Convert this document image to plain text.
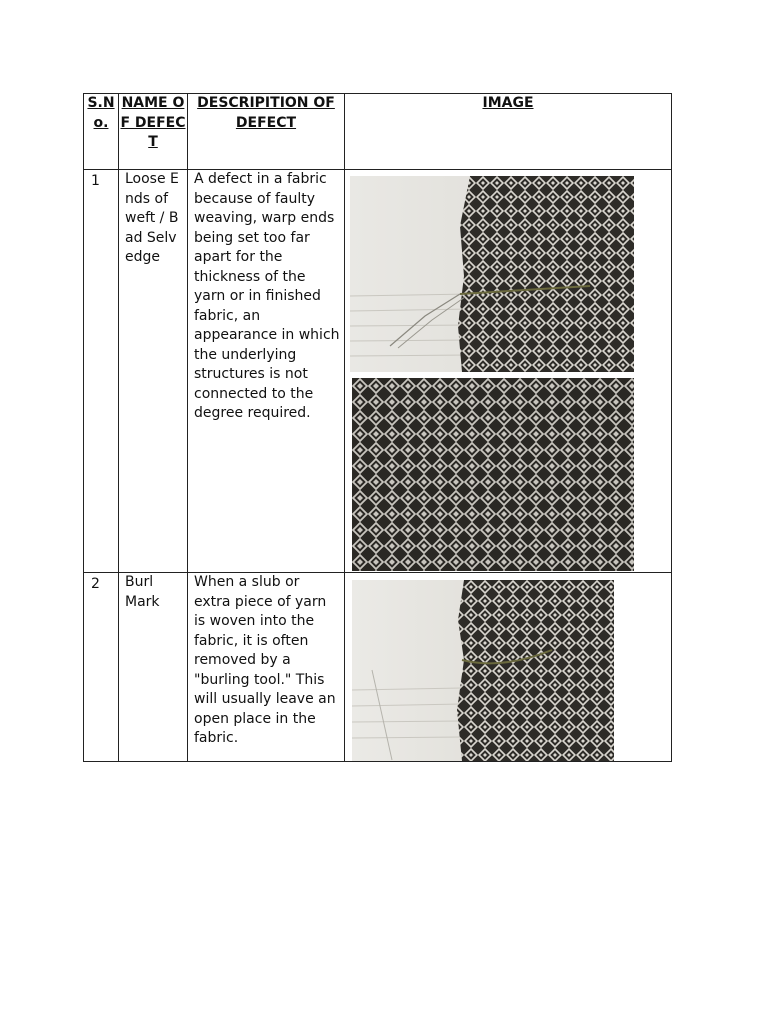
S.No.	NAME OF DEFECT	DESCRIPITION OF DEFECT	IMAGE
1	Loose Ends of weft / Bad Selvedge	A defect in a fabric because of faulty weaving, warp ends being set too far apart for the thickness of the yarn or in finished fabric, an appearance in which the underlying structures is not connected to the degree required.	

2	Burl Mark	When a slub or extra piece of yarn is woven into the fabric, it is often removed by a "burling tool." This will usually leave an open place in the fabric.	
